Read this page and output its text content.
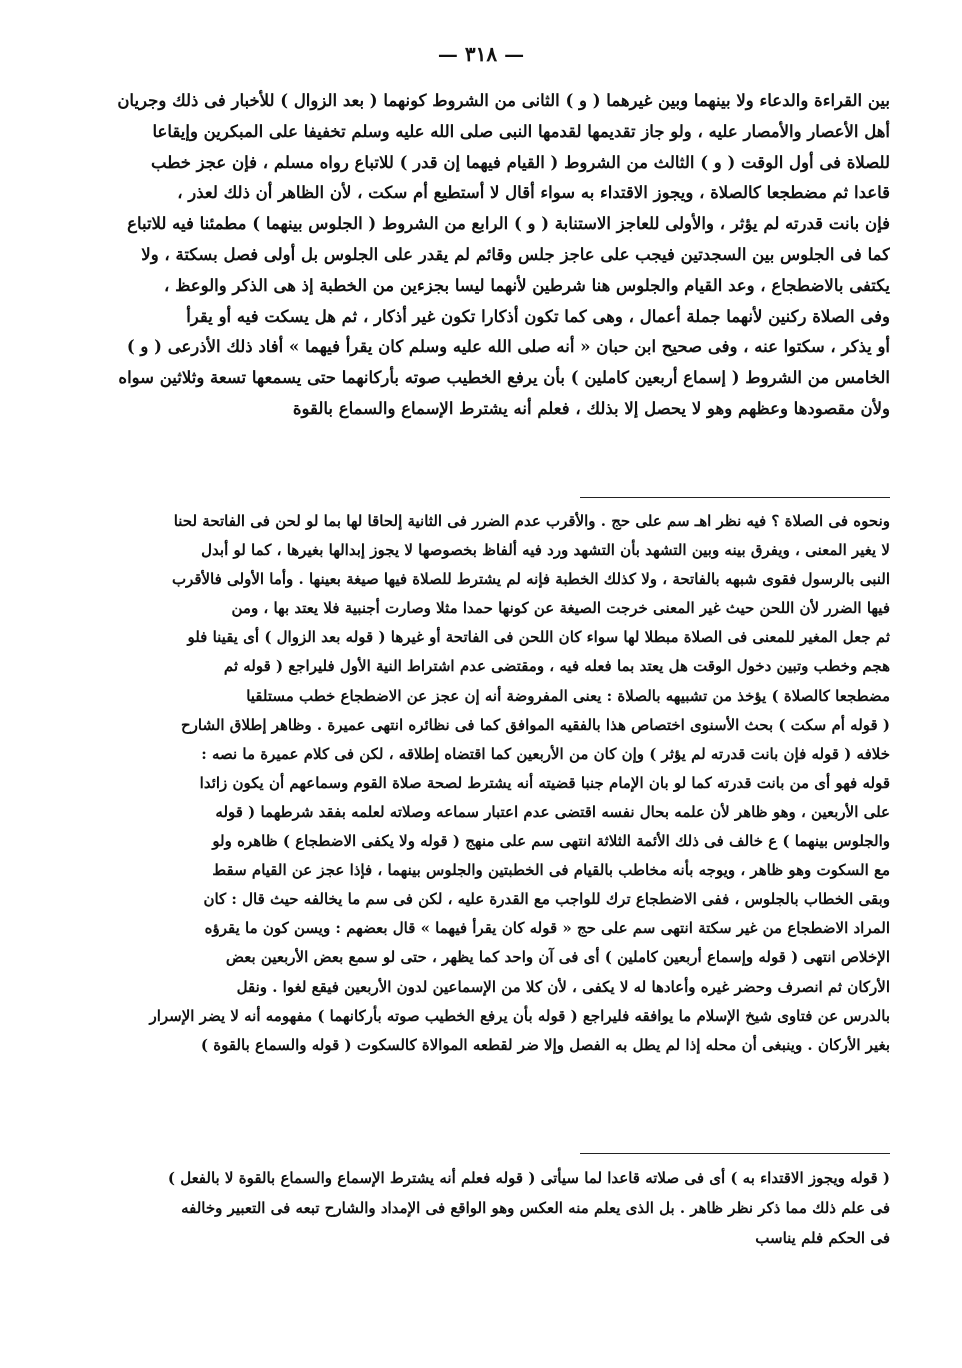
— ٣١٨ —
بين القراءة والدعاء ولا بينهما وبين غيرهما ( و ) الثانى من الشروط كونهما ( بعد الزوال ) للأخبار فى ذلك وجريان
أهل الأعصار والأمصار عليه ، ولو جاز تقديمها لقدمها النبى صلى الله عليه وسلم تخفيفا على المبكرين وإيقاعا
للصلاة فى أول الوقت ( و ) الثالث من الشروط ( القيام فيهما إن قدر ) للاتباع رواه مسلم ، فإن عجز خطب
قاعدا ثم مضطجعا كالصلاة ، ويجوز الاقتداء به سواء أقال لا أستطيع أم سكت ، لأن الظاهر أن ذلك لعذر ،
فإن بانت قدرته لم يؤثر ، والأولى للعاجز الاستنابة ( و ) الرابع من الشروط ( الجلوس بينهما ) مطمئنا فيه للاتباع
كما فى الجلوس بين السجدتين فيجب على عاجز جلس وقائم لم يقدر على الجلوس بل أولى فصل بسكتة ، ولا
يكتفى بالاضطجاع ، وعد القيام والجلوس هنا شرطين لأنهما ليسا بجزءين من الخطبة إذ هى الذكر والوعظ ،
وفى الصلاة ركنين لأنهما جملة أعمال ، وهى كما تكون أذكارا تكون غير أذكار ، ثم هل يسكت فيه أو يقرأ
أو يذكر ، سكتوا عنه ، وفى صحيح ابن حبان « أنه صلى الله عليه وسلم كان يقرأ فيهما » أفاد ذلك الأذرعى ( و )
الخامس من الشروط ( إسماع أربعين كاملين ) بأن يرفع الخطيب صوته بأركانهما حتى يسمعها تسعة وثلاثين سواه
ولأن مقصودها وعظهم وهو لا يحصل إلا بذلك ، فعلم أنه يشترط الإسماع والسماع بالقوة
ونحوه فى الصلاة ؟ فيه نظر اهـ سم على حج . والأقرب عدم الضرر فى الثانية إلحاقا لها بما لو لحن فى الفاتحة لحنا
لا يغير المعنى ، ويفرق بينه وبين التشهد بأن التشهد ورد فيه ألفاظ بخصوصها لا يجوز إبدالها بغيرها ، كما لو أبدل
النبى بالرسول فقوى شبهه بالفاتحة ، ولا كذلك الخطبة فإنه لم يشترط للصلاة فيها صيغة بعينها . وأما الأولى فالأقرب
فيها الضرر لأن اللحن حيث غير المعنى خرجت الصيغة عن كونها حمدا مثلا وصارت أجنبية فلا يعتد بها ، ومن
ثم جعل المغير للمعنى فى الصلاة مبطلا لها سواء كان اللحن فى الفاتحة أو غيرها ( قوله بعد الزوال ) أى يقينا فلو
هجم وخطب وتبين دخول الوقت هل يعتد بما فعله فيه ، ومقتضى عدم اشتراط النية الأول فليراجع ( قوله ثم
مضطجعا كالصلاة ) يؤخذ من تشبيهه بالصلاة : يعنى المفروضة أنه إن عجز عن الاضطجاع خطب مستلقيا
( قوله أم سكت ) بحث الأسنوى اختصاص هذا بالفقيه الموافق كما فى نظائره انتهى عميرة . وظاهر إطلاق الشارح
خلافه ( قوله فإن بانت قدرته لم يؤثر ) وإن كان من الأربعين كما اقتضاه إطلاقه ، لكن فى كلام عميرة ما نصه :
قوله فهو أى من بانت قدرته كما لو بان الإمام جنبا قضيته أنه يشترط لصحة صلاة القوم وسماعهم أن يكون زائدا
على الأربعين ، وهو ظاهر لأن علمه بحال نفسه اقتضى عدم اعتبار سماعه وصلاته لعلمه بفقد شرطهما ( قوله
والجلوس بينهما ) ع خالف فى ذلك الأئمة الثلاثة انتهى سم على منهج ( قوله ولا يكفى الاضطجاع ) ظاهره ولو
مع السكوت وهو ظاهر ، ويوجه بأنه مخاطب بالقيام فى الخطبتين والجلوس بينهما ، فإذا عجز عن القيام سقط
وبقى الخطاب بالجلوس ، ففى الاضطجاع ترك للواجب مع القدرة عليه ، لكن فى سم ما يخالفه حيث قال : كان
المراد الاضطجاع من غير سكتة انتهى سم على حج « قوله كان يقرأ فيهما » قال بعضهم : ويسن كون ما يقرؤه
الإخلاص انتهى ( قوله وإسماع أربعين كاملين ) أى فى آن واحد كما يظهر ، حتى لو سمع بعض الأربعين بعض
الأركان ثم انصرف وحضر غيره وأعادها له لا يكفى ، لأن كلا من الإسماعين لدون الأربعين فيقع لغوا . ونقل
بالدرس عن فتاوى شيخ الإسلام ما يوافقه فليراجع ( قوله بأن يرفع الخطيب صوته بأركانهما ) مفهومه أنه لا يضر الإسرار
بغير الأركان . وينبغى أن محله إذا لم يطل به الفصل وإلا ضر لقطعه الموالاة كالسكوت ( قوله والسماع بالقوة )
( قوله ويجوز الاقتداء به ) أى فى صلاته قاعدا لما سيأتى ( قوله فعلم أنه يشترط الإسماع والسماع بالقوة لا بالفعل )
فى علم ذلك مما ذكر نظر ظاهر . بل الذى يعلم منه العكس وهو الواقع فى الإمداد والشارح تبعه فى التعبير وخالفه
فى الحكم فلم يناسب
